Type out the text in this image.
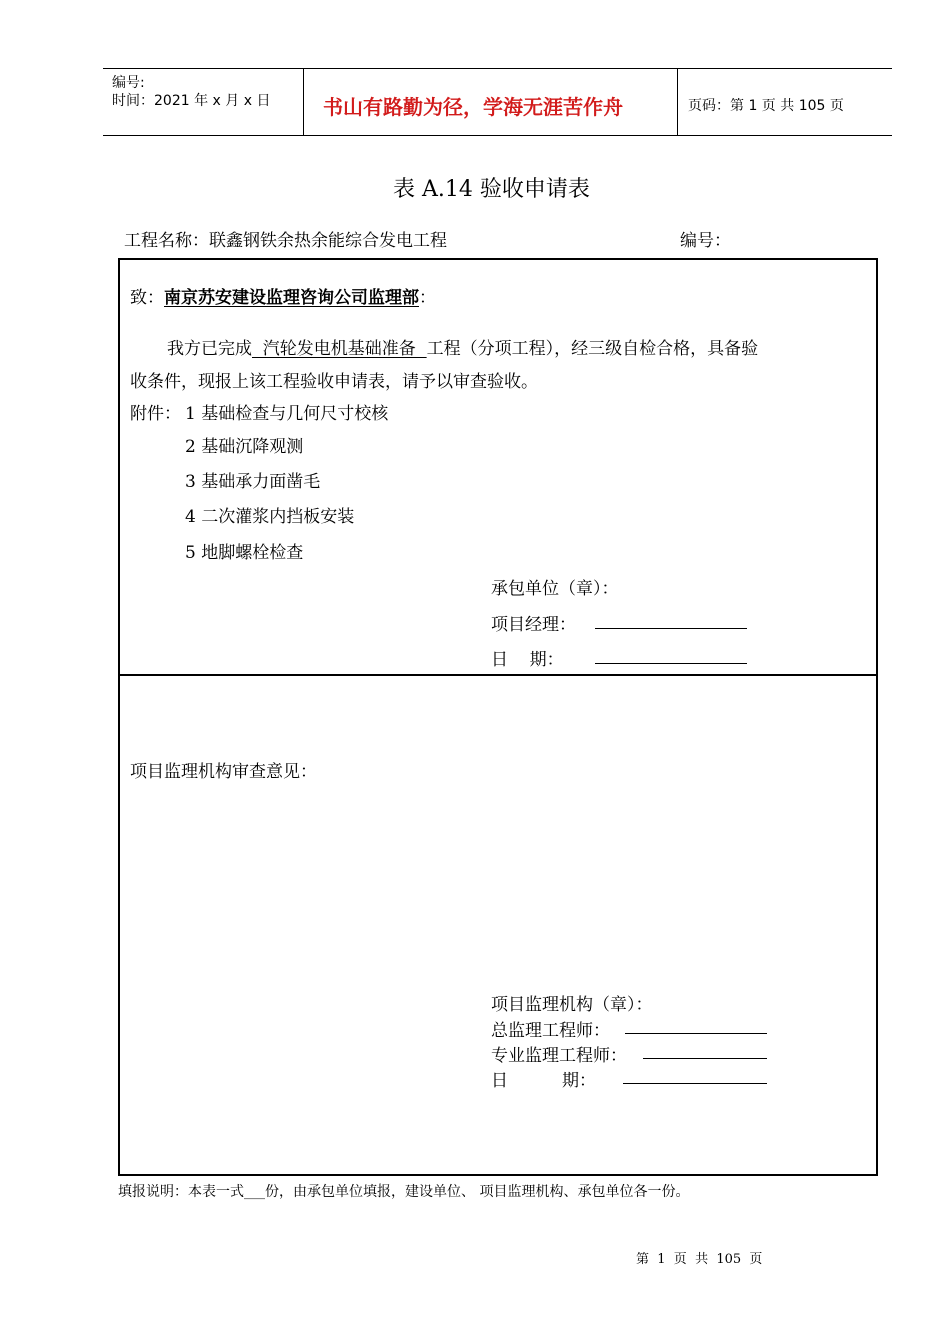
编号:
时间：2021 年 x 月 x 日	书山有路勤为径，学海无涯苦作舟	页码：第 1 页 共 105 页
表 A.14 验收申请表
工程名称：联鑫钢铁余热余能综合发电工程	编号：
致：南京苏安建设监理咨询公司监理部：
我方已完成  汽轮发电机基础准备  工程（分项工程），经三级自检合格，具备验
收条件，现报上该工程验收申请表，请予以审查验收。
附件： 1 基础检查与几何尺寸校核
2 基础沉降观测
3 基础承力面凿毛
4 二次灌浆内挡板安装
5 地脚螺栓检查
承包单位（章）：
项目经理：
日    期：
项目监理机构审查意见：
项目监理机构（章）：
总监理工程师：
专业监理工程师：
日          期：
填报说明：本表一式___份，由承包单位填报，建设单位、 项目监理机构、承包单位各一份。
第  1  页  共  105  页
